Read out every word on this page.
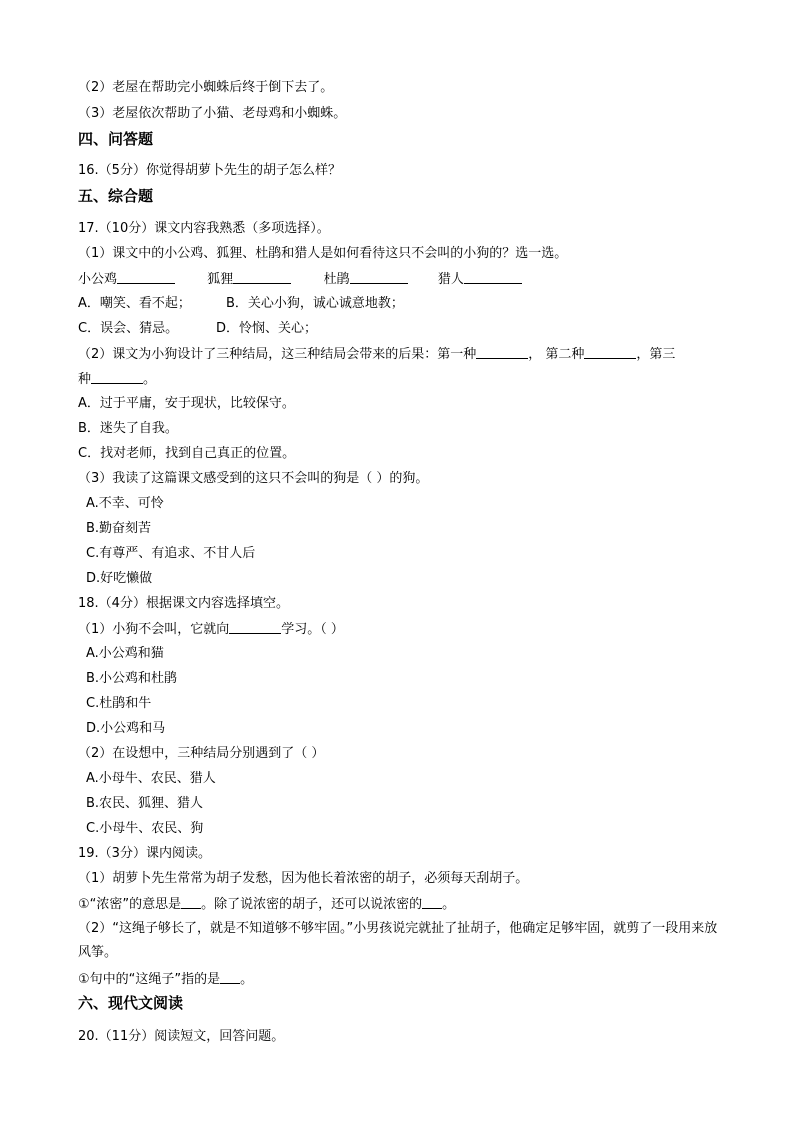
（2）老屋在帮助完小蜘蛛后终于倒下去了。
（3）老屋依次帮助了小猫、老母鸡和小蜘蛛。
四、问答题
16.（5分）你觉得胡萝卜先生的胡子怎么样？
五、综合题
17.（10分）课文内容我熟悉（多项选择）。
（1）课文中的小公鸡、狐狸、杜鹃和猎人是如何看待这只不会叫的小狗的？选一选。
小公鸡	狐狸	杜鹃	猎人
A．嘲笑、看不起；	B．关心小狗，诚心诚意地教；
C．误会、猜忌。	D．怜悯、关心；
（2）课文为小狗设计了三种结局，这三种结局会带来的后果：第一种	， 第二种	，第三
种	。
A．过于平庸，安于现状，比较保守。
B．迷失了自我。
C．找对老师，找到自己真正的位置。
（3）我读了这篇课文感受到的这只不会叫的狗是（ ）的狗。
A.不幸、可怜
B.勤奋刻苦
C.有尊严、有追求、不甘人后
D.好吃懒做
18.（4分）根据课文内容选择填空。
（1）小狗不会叫，它就向	学习。（ ）
A.小公鸡和猫
B.小公鸡和杜鹃
C.杜鹃和牛
D.小公鸡和马
（2）在设想中，三种结局分别遇到了（ ）
A.小母牛、农民、猎人
B.农民、狐狸、猎人
C.小母牛、农民、狗
19.（3分）课内阅读。
（1）胡萝卜先生常常为胡子发愁，因为他长着浓密的胡子，必须每天刮胡子。
①“浓密”的意思是 。除了说浓密的胡子，还可以说浓密的 。
（2）“这绳子够长了，就是不知道够不够牢固。”小男孩说完就扯了扯胡子，他确定足够牢固，就剪了一段用来放风筝。
①句中的“这绳子”指的是 。
六、现代文阅读
20.（11分）阅读短文，回答问题。
